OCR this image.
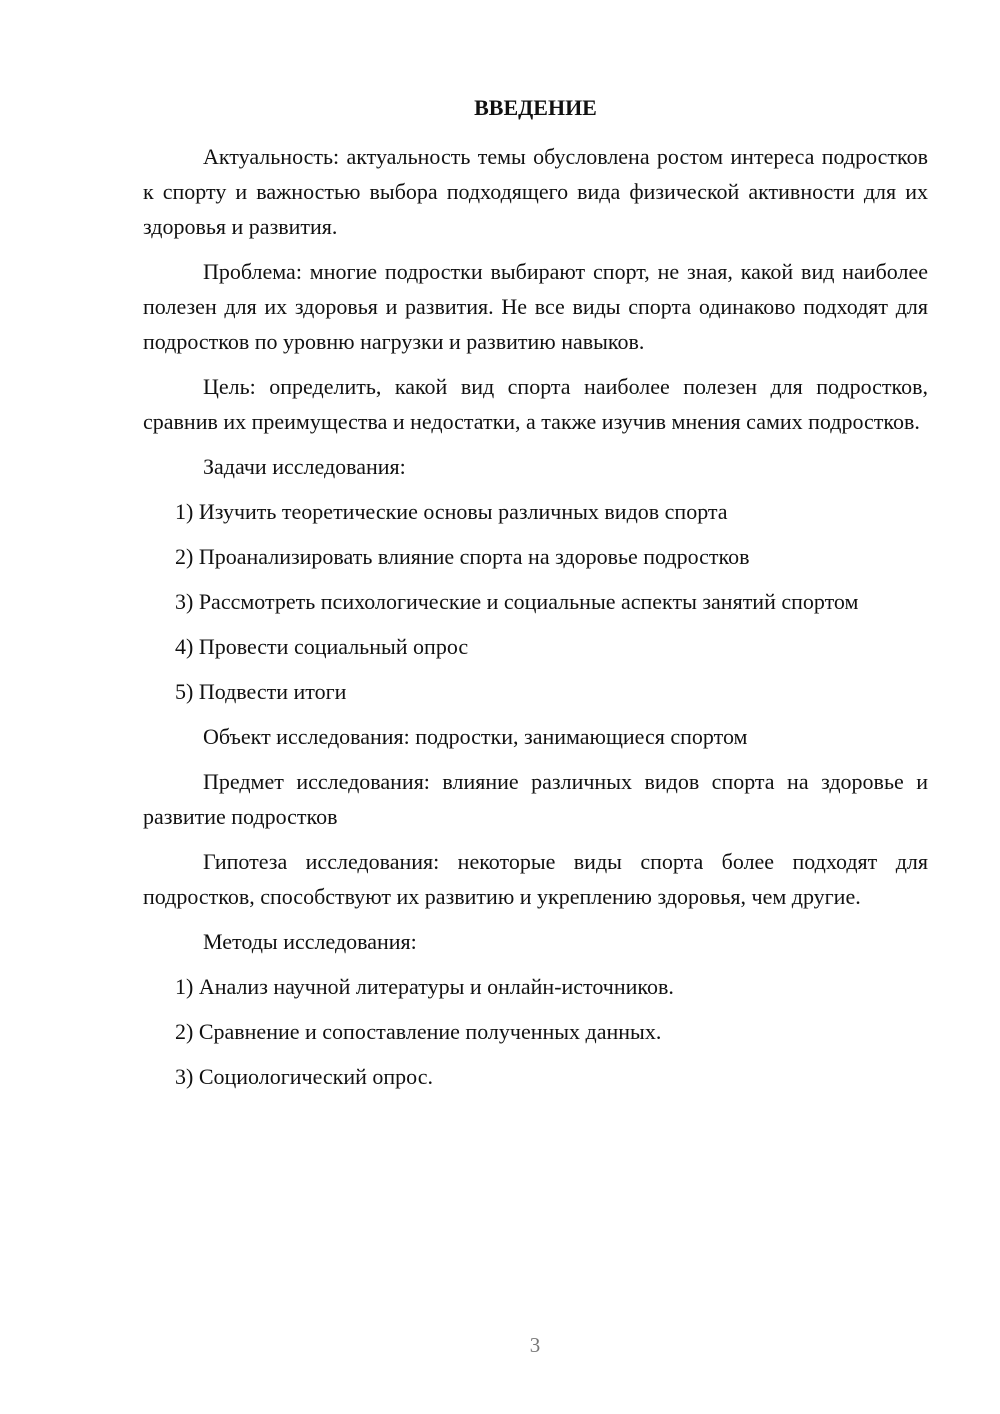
ВВЕДЕНИЕ

Актуальность: актуальность темы обусловлена ростом интереса подростков к спорту и важностью выбора подходящего вида физической активности для их здоровья и развития.

Проблема: многие подростки выбирают спорт, не зная, какой вид наиболее полезен для их здоровья и развития. Не все виды спорта одинаково подходят для подростков по уровню нагрузки и развитию навыков.

Цель: определить, какой вид спорта наиболее полезен для подростков, сравнив их преимущества и недостатки, а также изучив мнения самих подростков.

Задачи исследования:

1) Изучить теоретические основы различных видов спорта

2) Проанализировать влияние спорта на здоровье подростков

3) Рассмотреть психологические и социальные аспекты занятий спортом

4) Провести социальный опрос

5) Подвести итоги

Объект исследования: подростки, занимающиеся спортом

Предмет исследования: влияние различных видов спорта на здоровье и развитие подростков

Гипотеза исследования: некоторые виды спорта более подходят для подростков, способствуют их развитию и укреплению здоровья, чем другие.

Методы исследования:

1) Анализ научной литературы и онлайн-источников.

2) Сравнение и сопоставление полученных данных.

3) Социологический опрос.

3
